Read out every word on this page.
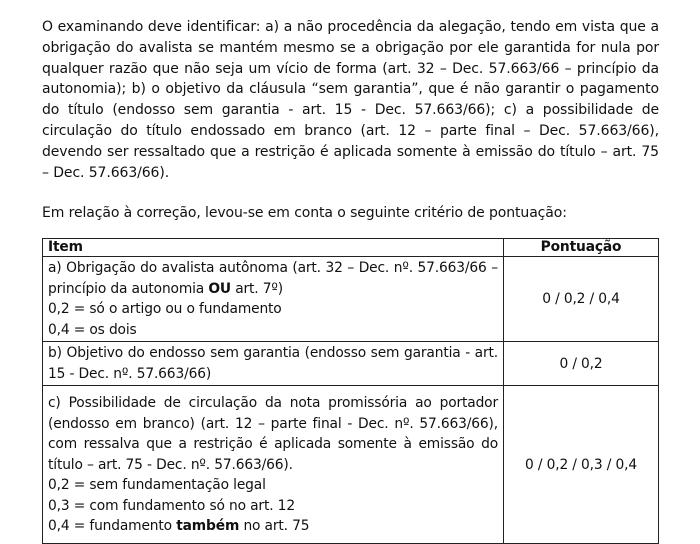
O examinando deve identificar: a) a não procedência da alegação, tendo em vista que a obrigação do avalista se mantém mesmo se a obrigação por ele garantida for nula por qualquer razão que não seja um vício de forma (art. 32 – Dec. 57.663/66 – princípio da autonomia); b) o objetivo da cláusula “sem garantia”, que é não garantir o pagamento do título (endosso sem garantia - art. 15 - Dec. 57.663/66); c) a possibilidade de circulação do título endossado em branco (art. 12 – parte final – Dec. 57.663/66), devendo ser ressaltado que a restrição é aplicada somente à emissão do título – art. 75 – Dec. 57.663/66).

Em relação à correção, levou-se em conta o seguinte critério de pontuação:

Item	Pontuação

a) Obrigação do avalista autônoma (art. 32 – Dec. nº. 57.663/66 – princípio da autonomia OU art. 7º)
0,2 = só o artigo ou o fundamento
0,4 = os dois	0 / 0,2 / 0,4

b) Objetivo do endosso sem garantia (endosso sem garantia - art. 15 - Dec. nº. 57.663/66)	0 / 0,2

c) Possibilidade de circulação da nota promissória ao portador (endosso em branco) (art. 12 – parte final - Dec. nº. 57.663/66), com ressalva que a restrição é aplicada somente à emissão do título – art. 75 - Dec. nº. 57.663/66).
0,2 = sem fundamentação legal
0,3 = com fundamento só no art. 12
0,4 = fundamento também no art. 75	0 / 0,2 / 0,3 / 0,4
